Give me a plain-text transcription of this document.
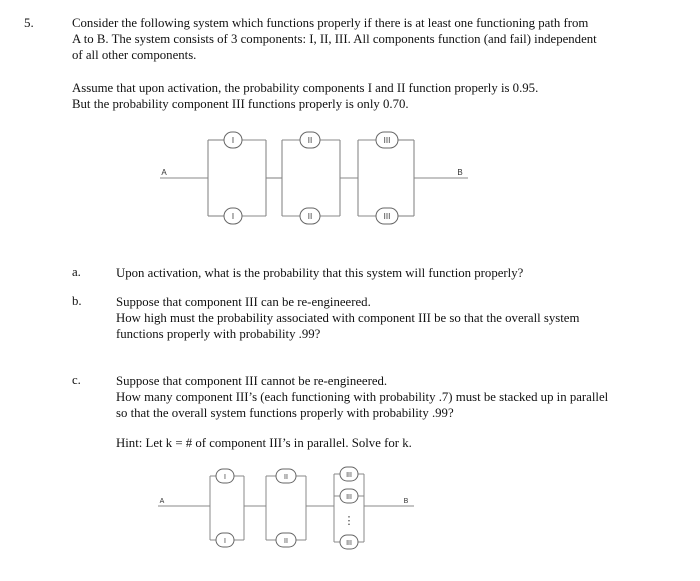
5.	Consider the following system which functions properly if there is at least one functioning path from
A to B. The system consists of 3 components: I, II, III. All components function (and fail) independent
of all other components.

Assume that upon activation, the probability components I and II function properly is 0.95.
But the probability component III functions properly is only 0.70.

I	II	III
I	II	III
A	B
a.	Upon activation, what is the probability that this system will function properly?
b.	Suppose that component III can be re-engineered.
How high must the probability associated with component III be so that the overall system
functions properly with probability .99?
c.	Suppose that component III cannot be re-engineered.
How many component III’s (each functioning with probability .7) must be stacked up in parallel
so that the overall system functions properly with probability .99?
Hint: Let k = # of component III’s in parallel. Solve for k.
I	II
I	II
III
III
III
⋮
A	B
